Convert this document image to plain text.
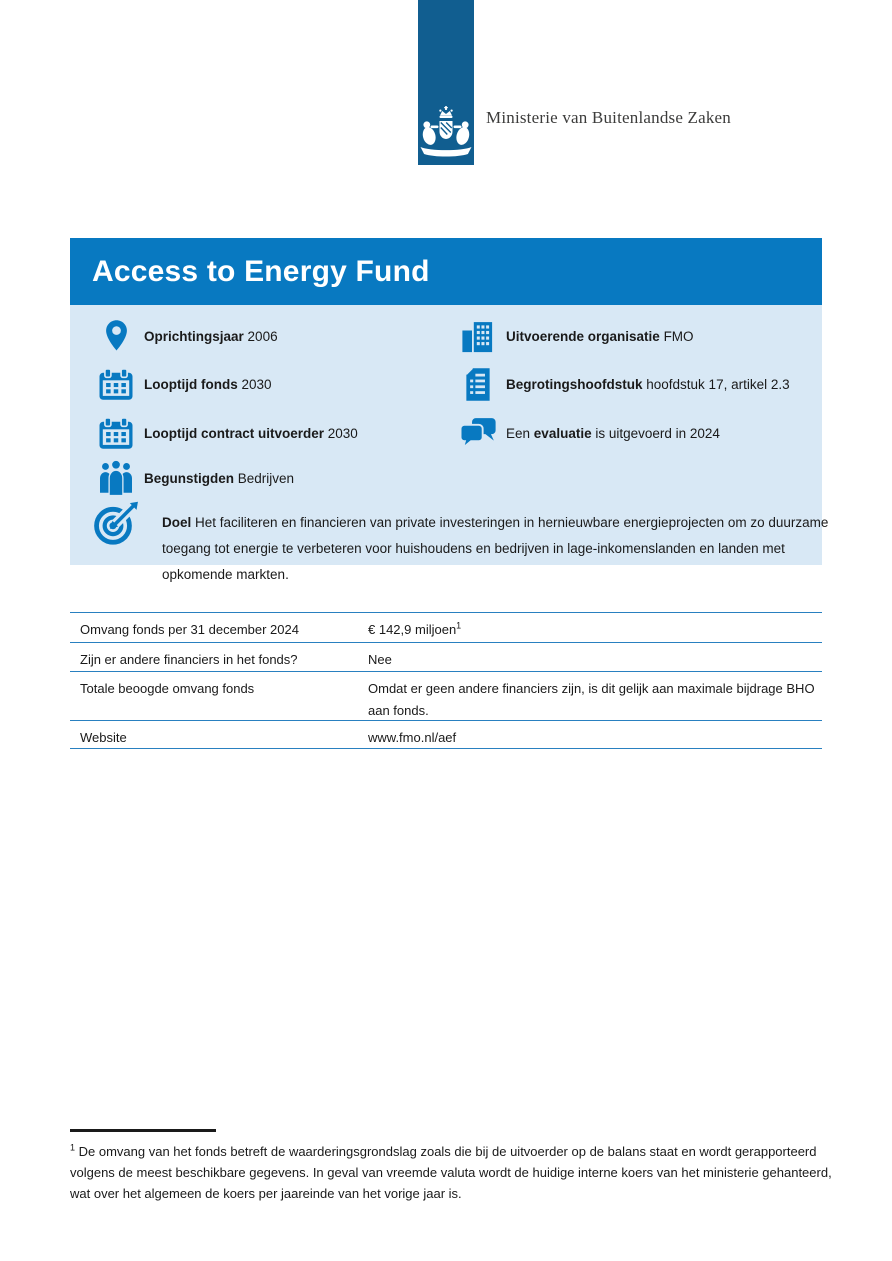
Ministerie van Buitenlandse Zaken
Access to Energy Fund
Oprichtingsjaar 2006
Looptijd fonds 2030
Looptijd contract uitvoerder 2030
Begunstigden Bedrijven
Uitvoerende organisatie FMO
Begrotingshoofdstuk hoofdstuk 17, artikel 2.3
Een evaluatie is uitgevoerd in 2024

Doel Het faciliteren en financieren van private investeringen in hernieuwbare energieprojecten om zo duurzame toegang tot energie te verbeteren voor huishoudens en bedrijven in lage-inkomenslanden en landen met opkomende markten.

Omvang fonds per 31 december 2024	€ 142,9 miljoen$^1$
Zijn er andere financiers in het fonds?	Nee
Totale beoogde omvang fonds	Omdat er geen andere financiers zijn, is dit gelijk aan maximale bijdrage BHO aan fonds.
Website	www.fmo.nl/aef

$^1$ De omvang van het fonds betreft de waarderingsgrondslag zoals die bij de uitvoerder op de balans staat en wordt gerapporteerd volgens de meest beschikbare gegevens. In geval van vreemde valuta wordt de huidige interne koers van het ministerie gehanteerd, wat over het algemeen de koers per jaareinde van het vorige jaar is.
